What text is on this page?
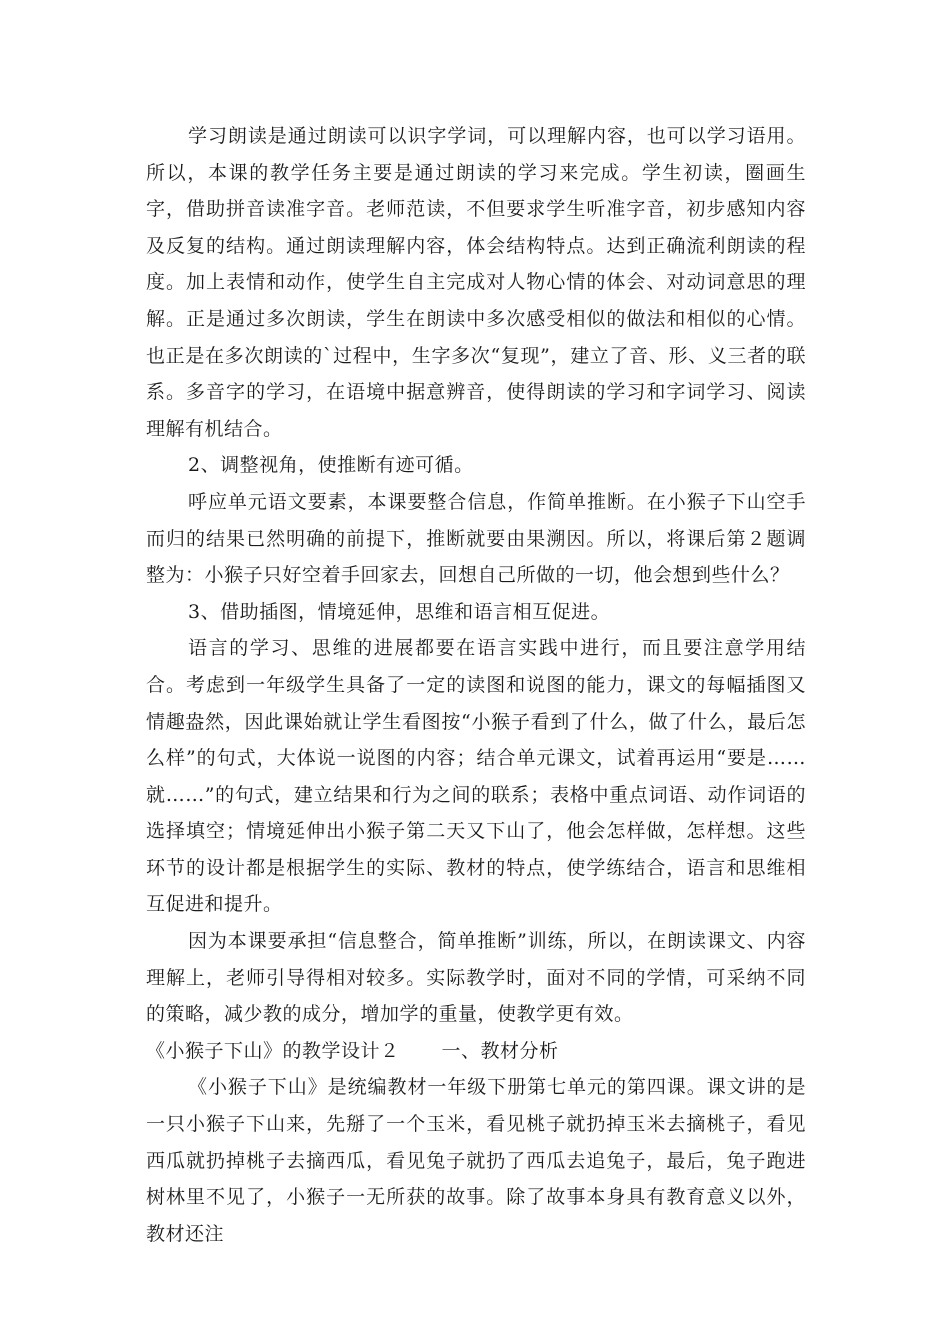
学习朗读是通过朗读可以识字学词，可以理解内容，也可以学习语用。所以，本课的教学任务主要是通过朗读的学习来完成。学生初读，圈画生字，借助拼音读准字音。老师范读，不但要求学生听准字音，初步感知内容及反复的结构。通过朗读理解内容，体会结构特点。达到正确流利朗读的程度。加上表情和动作，使学生自主完成对人物心情的体会、对动词意思的理解。正是通过多次朗读，学生在朗读中多次感受相似的做法和相似的心情。也正是在多次朗读的`过程中，生字多次“复现”，建立了音、形、义三者的联系。多音字的学习，在语境中据意辨音，使得朗读的学习和字词学习、阅读理解有机结合。

2、调整视角，使推断有迹可循。

呼应单元语文要素，本课要整合信息，作简单推断。在小猴子下山空手而归的结果已然明确的前提下，推断就要由果溯因。所以，将课后第２题调整为：小猴子只好空着手回家去，回想自己所做的一切，他会想到些什么？

3、借助插图，情境延伸，思维和语言相互促进。

语言的学习、思维的进展都要在语言实践中进行，而且要注意学用结合。考虑到一年级学生具备了一定的读图和说图的能力，课文的每幅插图又情趣盎然，因此课始就让学生看图按“小猴子看到了什么，做了什么，最后怎么样”的句式，大体说一说图的内容；结合单元课文，试着再运用“要是……就……”的句式，建立结果和行为之间的联系；表格中重点词语、动作词语的选择填空；情境延伸出小猴子第二天又下山了，他会怎样做，怎样想。这些环节的设计都是根据学生的实际、教材的特点，使学练结合，语言和思维相互促进和提升。

因为本课要承担“信息整合，简单推断”训练，所以，在朗读课文、内容理解上，老师引导得相对较多。实际教学时，面对不同的学情，可采纳不同的策略，减少教的成分，增加学的重量，使教学更有效。

《小猴子下山》的教学设计２ 一、教材分析

《小猴子下山》是统编教材一年级下册第七单元的第四课。课文讲的是一只小猴子下山来，先掰了一个玉米，看见桃子就扔掉玉米去摘桃子，看见西瓜就扔掉桃子去摘西瓜，看见兔子就扔了西瓜去追兔子，最后，兔子跑进树林里不见了，小猴子一无所获的故事。除了故事本身具有教育意义以外，教材还注
